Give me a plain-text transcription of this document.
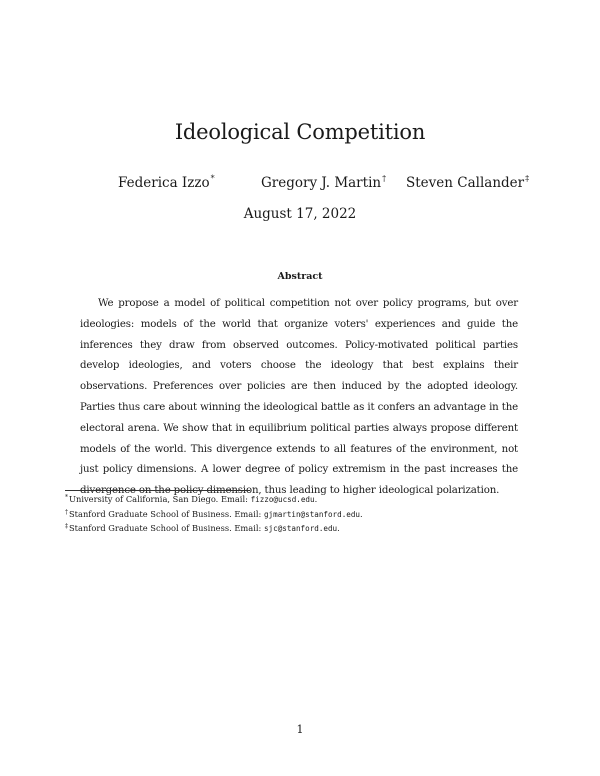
Ideological Competition
Federica Izzo*	Gregory J. Martin† Steven Callander‡
August 17, 2022
Abstract
We propose a model of political competition not over policy programs, but over ideologies: models of the world that organize voters' experiences and guide the inferences they draw from observed outcomes. Policy-motivated political parties develop ideologies, and voters choose the ideology that best explains their observations. Preferences over policies are then induced by the adopted ideology. Parties thus care about winning the ideological battle as it confers an advantage in the electoral arena. We show that in equilibrium political parties always propose different models of the world. This divergence extends to all features of the environment, not just policy dimensions. A lower degree of policy extremism in the past increases the divergence on the policy dimension, thus leading to higher ideological polarization.
*University of California, San Diego. Email: fizzo@ucsd.edu.
†Stanford Graduate School of Business. Email: gjmartin@stanford.edu.
‡Stanford Graduate School of Business. Email: sjc@stanford.edu.
1
